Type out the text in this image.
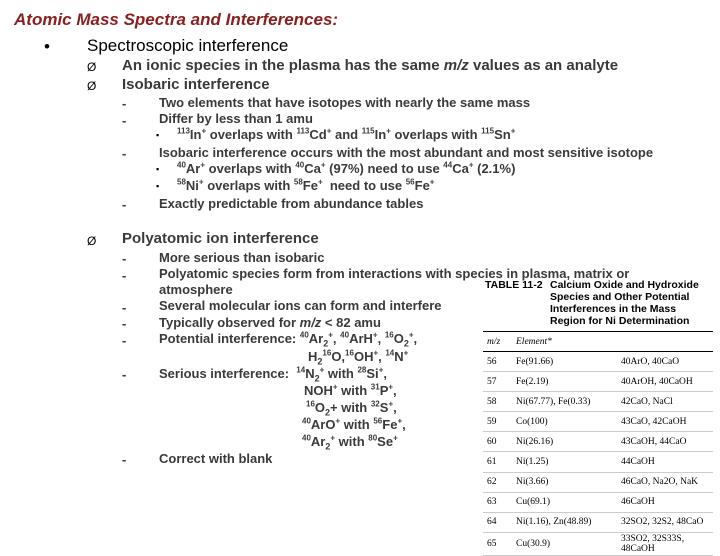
Atomic Mass Spectra and Interferences:
• Spectroscopic interference
Ø An ionic species in the plasma has the same m/z values as an analyte
Ø Isobaric interference
-	Two elements that have isotopes with nearly the same mass
-	Differ by less than 1 amu
▪ $^{113}$In+ overlaps with $^{113}$Cd+ and $^{115}$In+ overlaps with $^{115}$Sn+
-	Isobaric interference occurs with the most abundant and most sensitive isotope
▪ $^{40}$Ar+ overlaps with $^{40}$Ca+ (97%) need to use $^{44}$Ca+ (2.1%)
▪ $^{58}$Ni+ overlaps with $^{58}$Fe+  need to use $^{56}$Fe+
-	Exactly predictable from abundance tables
Ø Polyatomic ion interference
-	More serious than isobaric
-	Polyatomic species form from interactions with species in plasma, matrix or
atmosphere
-	Several molecular ions can form and interfere
-	Typically observed for m/z < 82 amu
-	Potential interference: $^{40}Ar_2^+$, $^{40}$ArH+, $^{16}O_2^+$,
$H_2^{16}O,^{16}OH^+$, $^{14}$N+
-	Serious interference:  $^{14}N_2^+$ with $^{28}$Si+,
NOH+ with $^{31}$P+,
$^{16}O_2+$ with $^{32}$S+,
$^{40}$ArO+ with $^{56}$Fe+,
$^{40}Ar_2^+$ with $^{80}$Se+
-	Correct with blank
TABLE 11-2 Calcium Oxide and Hydroxide Species and Other Potential Interferences in the Mass Region for Ni Determination
m/z	Element*	Interference
56	Fe(91.66)	40ArO, 40CaO
57	Fe(2.19)	40ArOH, 40CaOH
58	Ni(67.77), Fe(0.33)	42CaO, NaCl
59	Co(100)	43CaO, 42CaOH
60	Ni(26.16)	43CaOH, 44CaO
61	Ni(1.25)	44CaOH
62	Ni(3.66)	46CaO, Na2O, NaK
63	Cu(69.1)	46CaOH
64	Ni(1.16), Zn(48.89)	32SO2, 32S2, 48CaO
65	Cu(30.9)	33SO2, 32S33S, 48CaOH
